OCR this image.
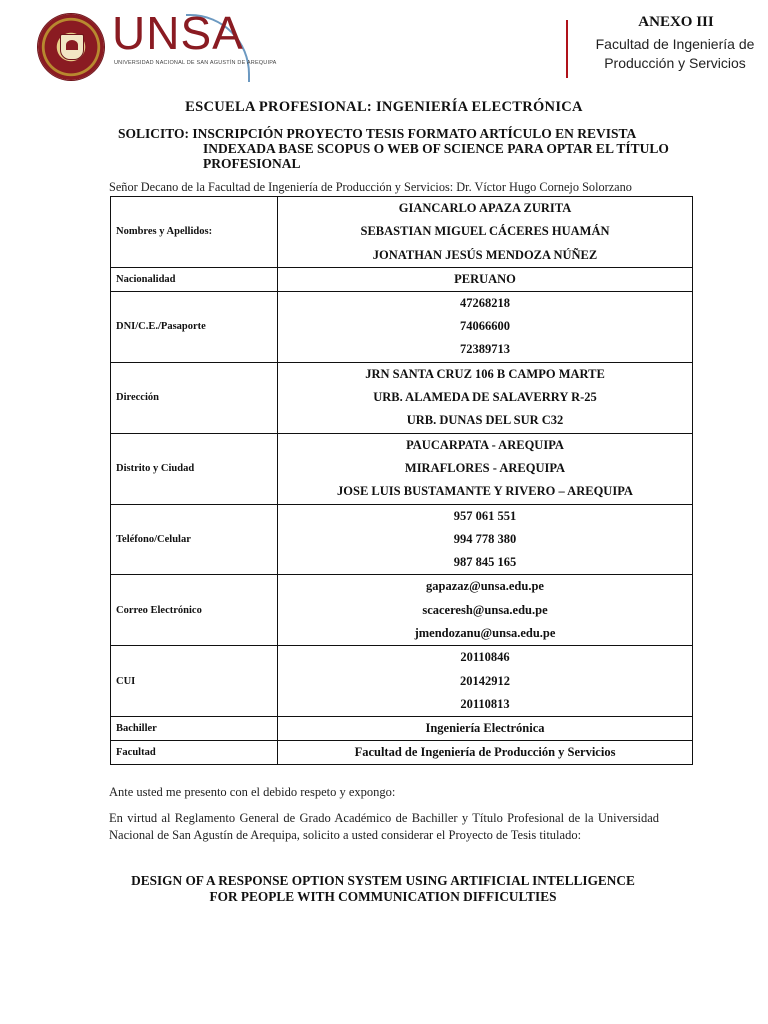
UNSA
UNIVERSIDAD NACIONAL DE SAN AGUSTÍN DE AREQUIPA
ANEXO III
Facultad de Ingeniería de
Producción y Servicios
ESCUELA PROFESIONAL: INGENIERÍA ELECTRÓNICA
SOLICITO: INSCRIPCIÓN PROYECTO TESIS FORMATO ARTÍCULO EN REVISTA
INDEXADA BASE SCOPUS O WEB OF SCIENCE PARA OPTAR EL TÍTULO
PROFESIONAL
Señor Decano de la Facultad de Ingeniería de Producción y Servicios: Dr. Víctor Hugo Cornejo Solorzano
Nombres y Apellidos:	GIANCARLO APAZA ZURITA
SEBASTIAN MIGUEL CÁCERES HUAMÁN
JONATHAN JESÚS MENDOZA NÚÑEZ

Nacionalidad	PERUANO

DNI/C.E./Pasaporte	47268218
74066600
72389713

Dirección	JRN SANTA CRUZ 106 B CAMPO MARTE
URB. ALAMEDA DE SALAVERRY R-25
URB. DUNAS DEL SUR C32

Distrito y Ciudad	PAUCARPATA - AREQUIPA
MIRAFLORES - AREQUIPA
JOSE LUIS BUSTAMANTE Y RIVERO – AREQUIPA

Teléfono/Celular	957 061 551
994 778 380
987 845 165

Correo Electrónico	gapazaz@unsa.edu.pe
scaceresh@unsa.edu.pe
jmendozanu@unsa.edu.pe

CUI	20110846
20142912
20110813

Bachiller	Ingeniería Electrónica

Facultad	Facultad de Ingeniería de Producción y Servicios
Ante usted me presento con el debido respeto y expongo:
En virtud al Reglamento General de Grado Académico de Bachiller y Título Profesional de la Universidad Nacional de San Agustín de Arequipa, solicito a usted considerar el Proyecto de Tesis titulado:
DESIGN OF A RESPONSE OPTION SYSTEM USING ARTIFICIAL INTELLIGENCE
FOR PEOPLE WITH COMMUNICATION DIFFICULTIES
